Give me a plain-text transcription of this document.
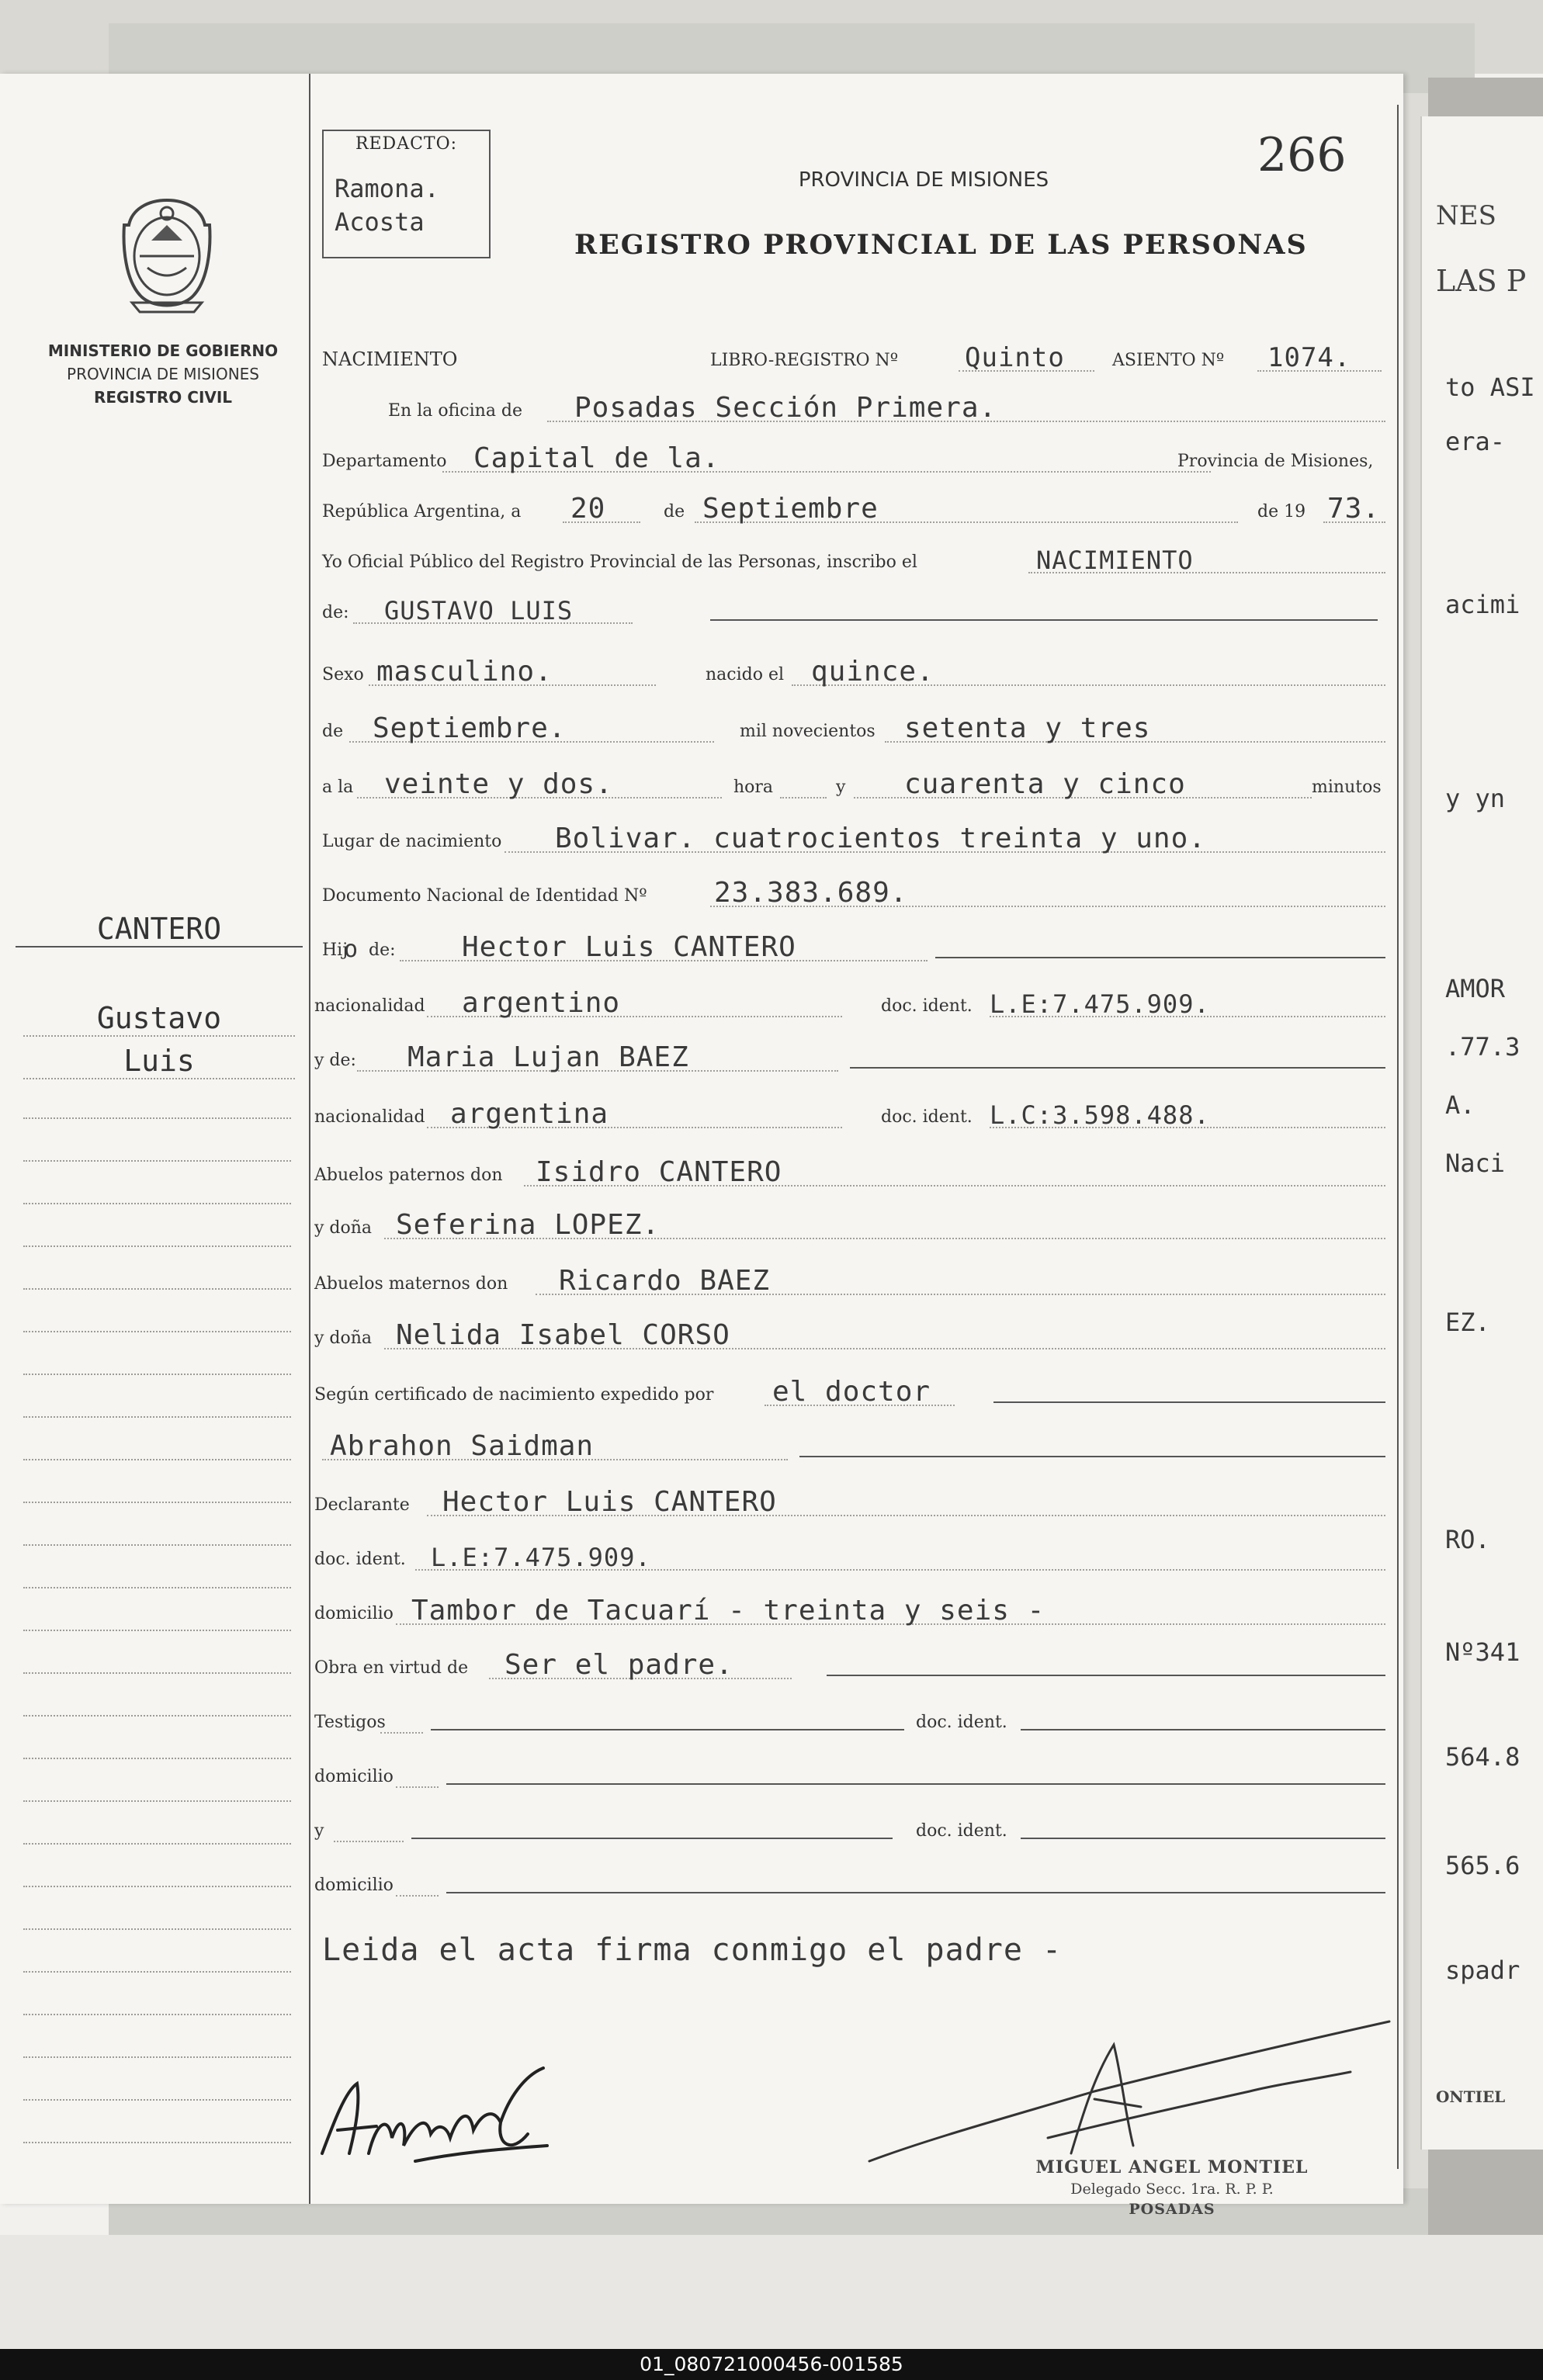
NES
LAS P
to ASI
era-
acimi
y yn
AMOR
.77.3
A.
Naci
EZ.
RO.
Nº341
564.8
565.6
spadr
ONTIEL
MINISTERIO DE GOBIERNO
PROVINCIA DE MISIONES
REGISTRO CIVIL
CANTERO
Gustavo
Luis
REDACTO:
Ramona.
Acosta
266
PROVINCIA DE MISIONES
REGISTRO PROVINCIAL DE LAS PERSONAS
NACIMIENTO	LIBRO-REGISTRO Nº	Quinto	ASIENTO Nº 1074.
En la oficina de Posadas Sección Primera.
Departamento Capital de la.	Provincia de Misiones,
República Argentina, a 20	de Septiembre	de 19 73.
Yo Oficial Público del Registro Provincial de las Personas, inscribo el	NACIMIENTO
de: GUSTAVO LUIS
Sexo masculino.	nacido el quince.
de Septiembre.	mil novecientos setenta y tres
a la veinte y dos.	hora	y cuarenta y cinco	minutos
Lugar de nacimiento Bolivar. cuatrocientos treinta y uno.
Documento Nacional de Identidad Nº 23.383.689.
Hij
o de: Hector Luis CANTERO
nacionalidad argentino	doc. ident. L.E:7.475.909.
y de: Maria Lujan BAEZ
nacionalidad argentina	doc. ident. L.C:3.598.488.
Abuelos paternos don Isidro CANTERO
y doña Seferina LOPEZ.
Abuelos maternos don Ricardo BAEZ
y doña Nelida Isabel CORSO
Según certificado de nacimiento expedido por el doctor
Abrahon Saidman
Declarante Hector Luis CANTERO
doc. ident. L.E:7.475.909.
domicilio Tambor de Tacuarí - treinta y seis -
Obra en virtud de Ser el padre.
Testigos	doc. ident.
domicilio
y	doc. ident.
domicilio
Leida el acta firma conmigo el padre -
MIGUEL ANGEL MONTIEL
Delegado Secc. 1ra. R. P. P.
POSADAS
01_080721000456-001585
